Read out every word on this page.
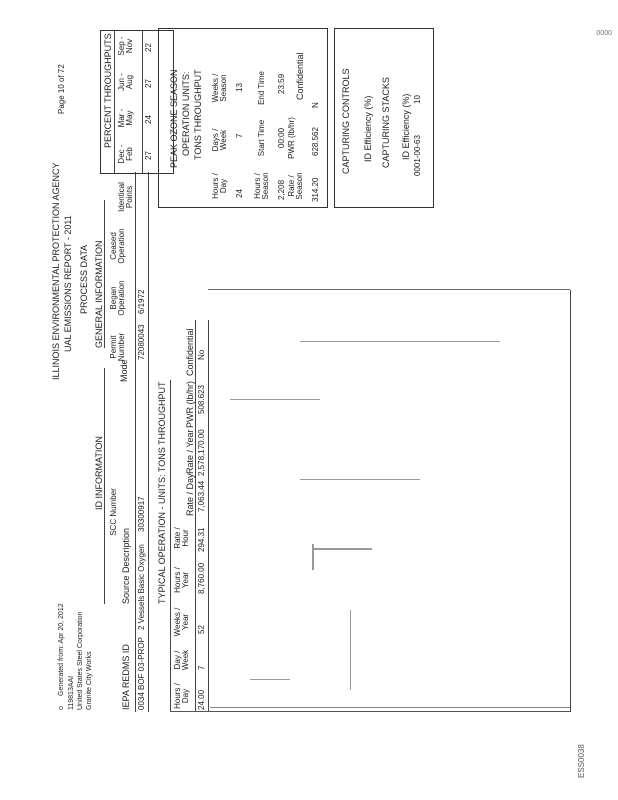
0000
o
Generated from: Apr 20, 2012 119813AAI United States Steel Corporation Granite City Works
ILLINOIS ENVIRONMENTAL PROTECTION AGENCY UAL EMISSIONS REPORT - 2011 PROCESS DATA
Page 10 of 72
ID INFORMATION
IEPA REDMS ID
Source Description
SCC Number
Mode
GENERAL INFORMATION Permit Number
Began Operation
Ceased Operation
Identical Points
0034 BOF 03-PROP
2 Vessels Basic Oxygen
30300917
72080043
6/1972
PERCENT THROUGHPUTS
Dec - Feb
Mar - May
Jun - Aug
Sep - Nov
27
24
27
22
TYPICAL OPERATION - UNITS: TONS THROUGHPUT
Hours / Day
Day / Week
Weeks / Year
Hours / Year
Rate / Hour
Rate / Day
Rate / Year
PWR (lb/hr)
Confidential
24.00
7
52
8,760.00
294.31
7,063.44
2,578,170.00
508.623
No
PEAK OZONE SEASON OPERATION UNITS: TONS THROUGHPUT
Hours / Day
Days / Week
Weeks / Season
24
7
13
Hours / Season
Start Time
End Time
2,208
00:00
23:59
Rate / Season
PWR (lb/hr)
Confidential
314.20
628.562
N CAPTURING CONTROLS ID Efficiency (%) CAPTURING STACKS ID Efficiency (%) 0001-00-63
10
ESS0038
